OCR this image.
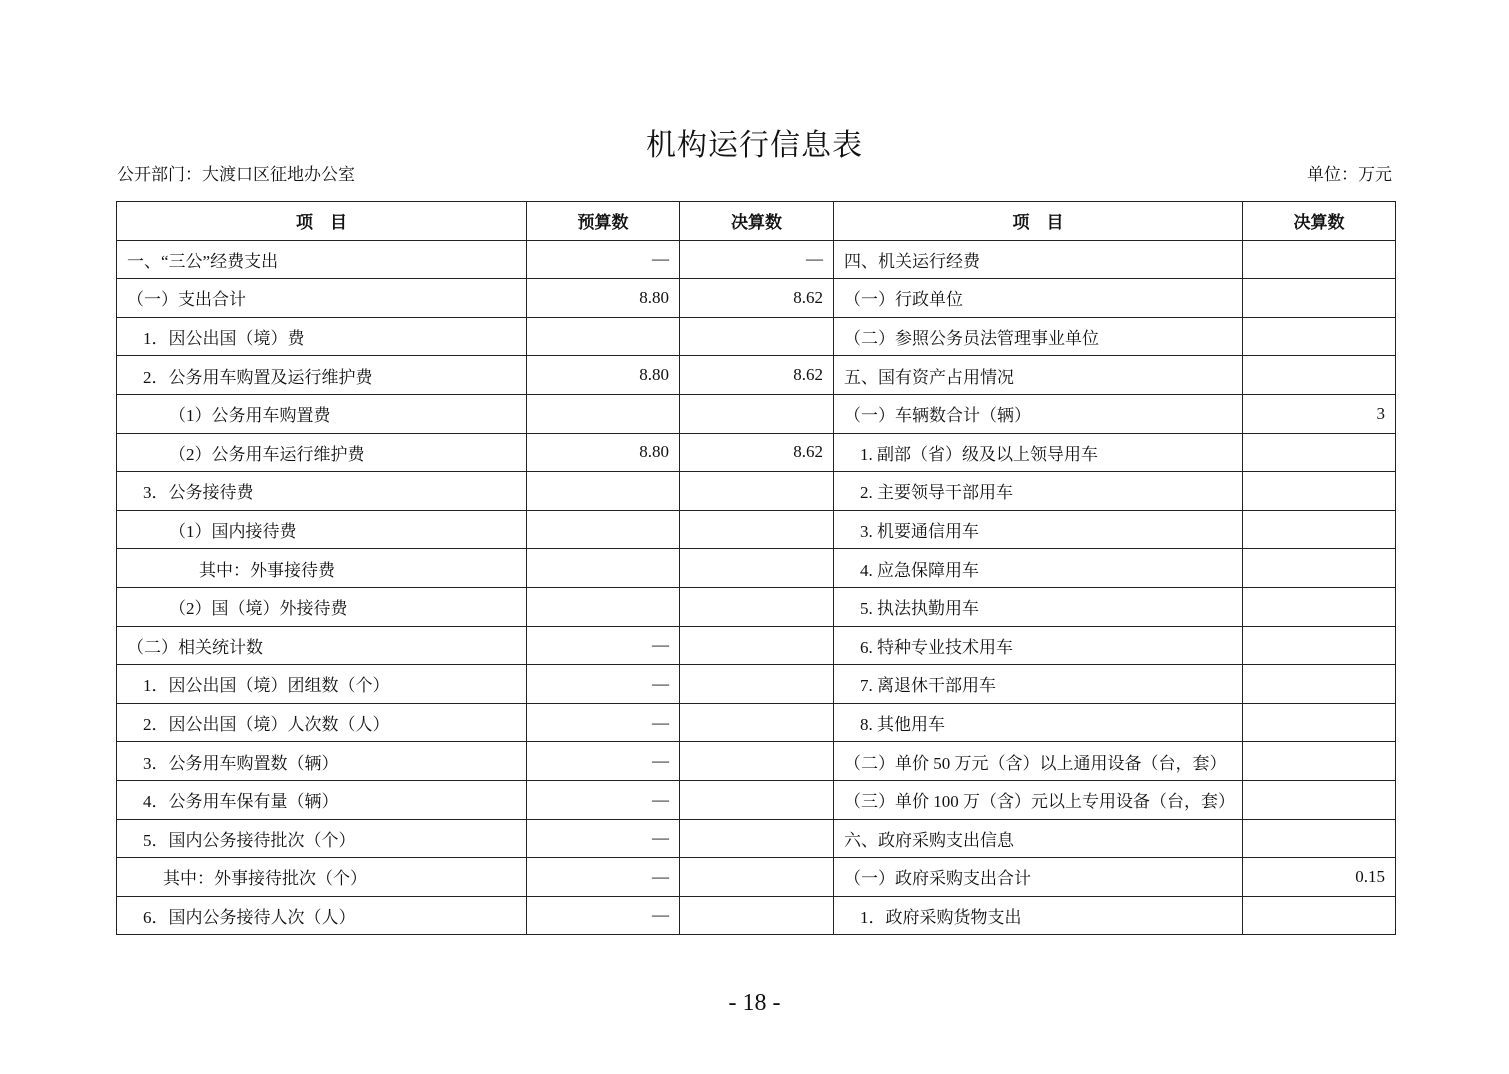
机构运行信息表
公开部门：大渡口区征地办公室	单位：万元
项　目	预算数	决算数	项　目	决算数
一、“三公”经费支出	—	—	四、机关运行经费	
（一）支出合计	8.80	8.62	（一）行政单位	
1．因公出国（境）费			（二）参照公务员法管理事业单位	
2．公务用车购置及运行维护费	8.80	8.62	五、国有资产占用情况	
（1）公务用车购置费			（一）车辆数合计（辆）	3
（2）公务用车运行维护费	8.80	8.62	1. 副部（省）级及以上领导用车	
3．公务接待费			2. 主要领导干部用车	
（1）国内接待费			3. 机要通信用车	
其中：外事接待费			4. 应急保障用车	
（2）国（境）外接待费			5. 执法执勤用车	
（二）相关统计数	—		6. 特种专业技术用车	
1．因公出国（境）团组数（个）	—		7. 离退休干部用车	
2．因公出国（境）人次数（人）	—		8. 其他用车	
3．公务用车购置数（辆）	—		（二）单价 50 万元（含）以上通用设备（台，套）	
4．公务用车保有量（辆）	—		（三）单价 100 万（含）元以上专用设备（台，套）	
5．国内公务接待批次（个）	—		六、政府采购支出信息	
其中：外事接待批次（个）	—		（一）政府采购支出合计	0.15
6．国内公务接待人次（人）	—		1．政府采购货物支出	
- 18 -
